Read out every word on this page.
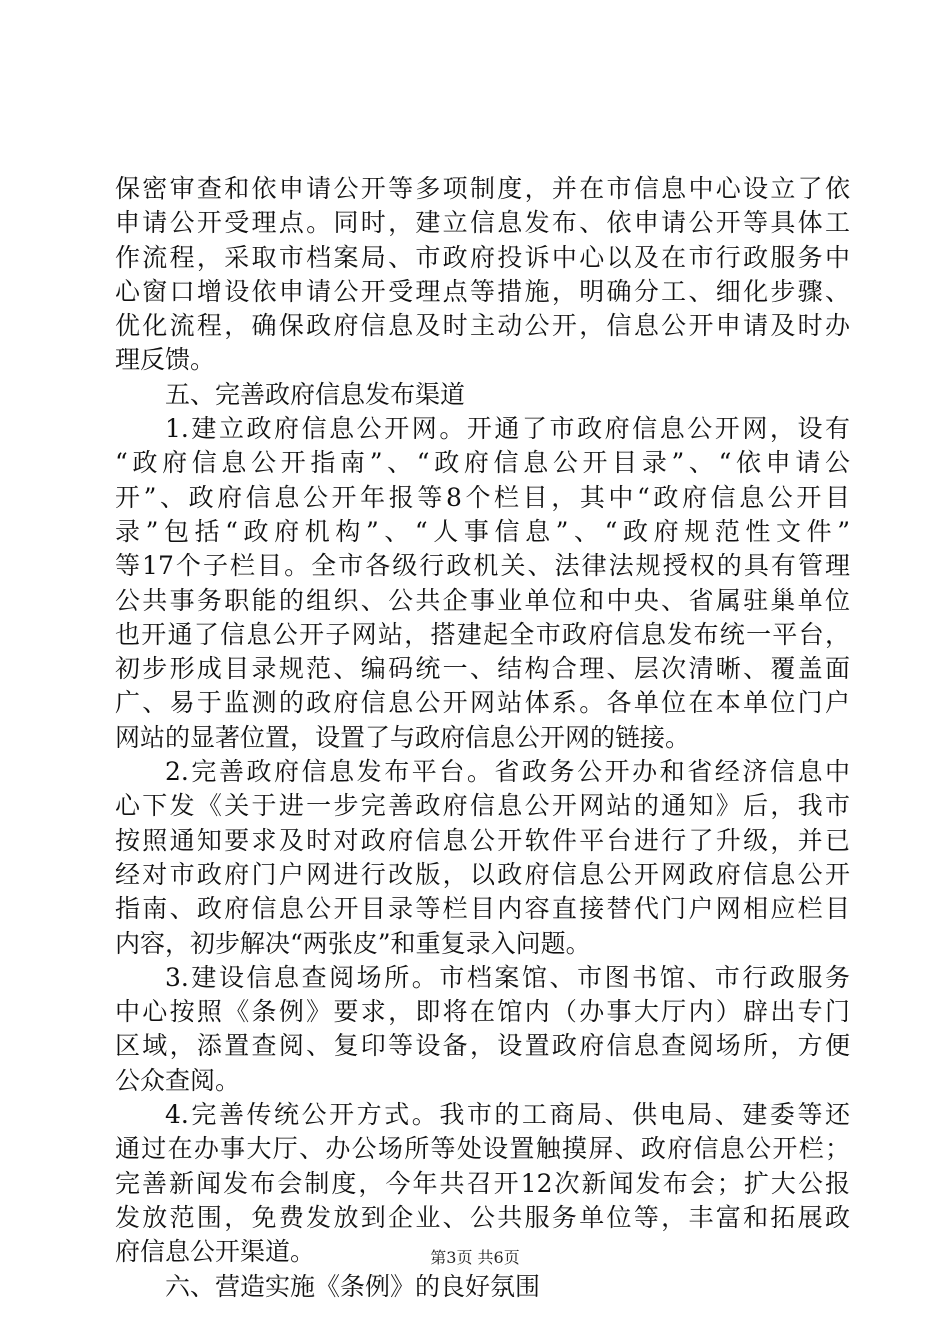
保密审查和依申请公开等多项制度，并在市信息中心设立了依
申请公开受理点。同时，建立信息发布、依申请公开等具体工
作流程，采取市档案局、市政府投诉中心以及在市行政服务中
心窗口增设依申请公开受理点等措施，明确分工、细化步骤、
优化流程，确保政府信息及时主动公开，信息公开申请及时办
理反馈。
五、完善政府信息发布渠道
1.建立政府信息公开网。开通了市政府信息公开网，设有
“政府信息公开指南”、“政府信息公开目录”、“依申请公
开”、政府信息公开年报等8个栏目，其中“政府信息公开目
录”包括“政府机构”、“人事信息”、“政府规范性文件”
等17个子栏目。全市各级行政机关、法律法规授权的具有管理
公共事务职能的组织、公共企事业单位和中央、省属驻巢单位
也开通了信息公开子网站，搭建起全市政府信息发布统一平台，
初步形成目录规范、编码统一、结构合理、层次清晰、覆盖面
广、易于监测的政府信息公开网站体系。各单位在本单位门户
网站的显著位置，设置了与政府信息公开网的链接。
2.完善政府信息发布平台。省政务公开办和省经济信息中
心下发《关于进一步完善政府信息公开网站的通知》后，我市
按照通知要求及时对政府信息公开软件平台进行了升级，并已
经对市政府门户网进行改版，以政府信息公开网政府信息公开
指南、政府信息公开目录等栏目内容直接替代门户网相应栏目
内容，初步解决“两张皮”和重复录入问题。
3.建设信息查阅场所。市档案馆、市图书馆、市行政服务
中心按照《条例》要求，即将在馆内（办事大厅内）辟出专门
区域，添置查阅、复印等设备，设置政府信息查阅场所，方便
公众查阅。
4.完善传统公开方式。我市的工商局、供电局、建委等还
通过在办事大厅、办公场所等处设置触摸屏、政府信息公开栏；
完善新闻发布会制度，今年共召开12次新闻发布会；扩大公报
发放范围，免费发放到企业、公共服务单位等，丰富和拓展政
府信息公开渠道。
六、营造实施《条例》的良好氛围
第3页 共6页
